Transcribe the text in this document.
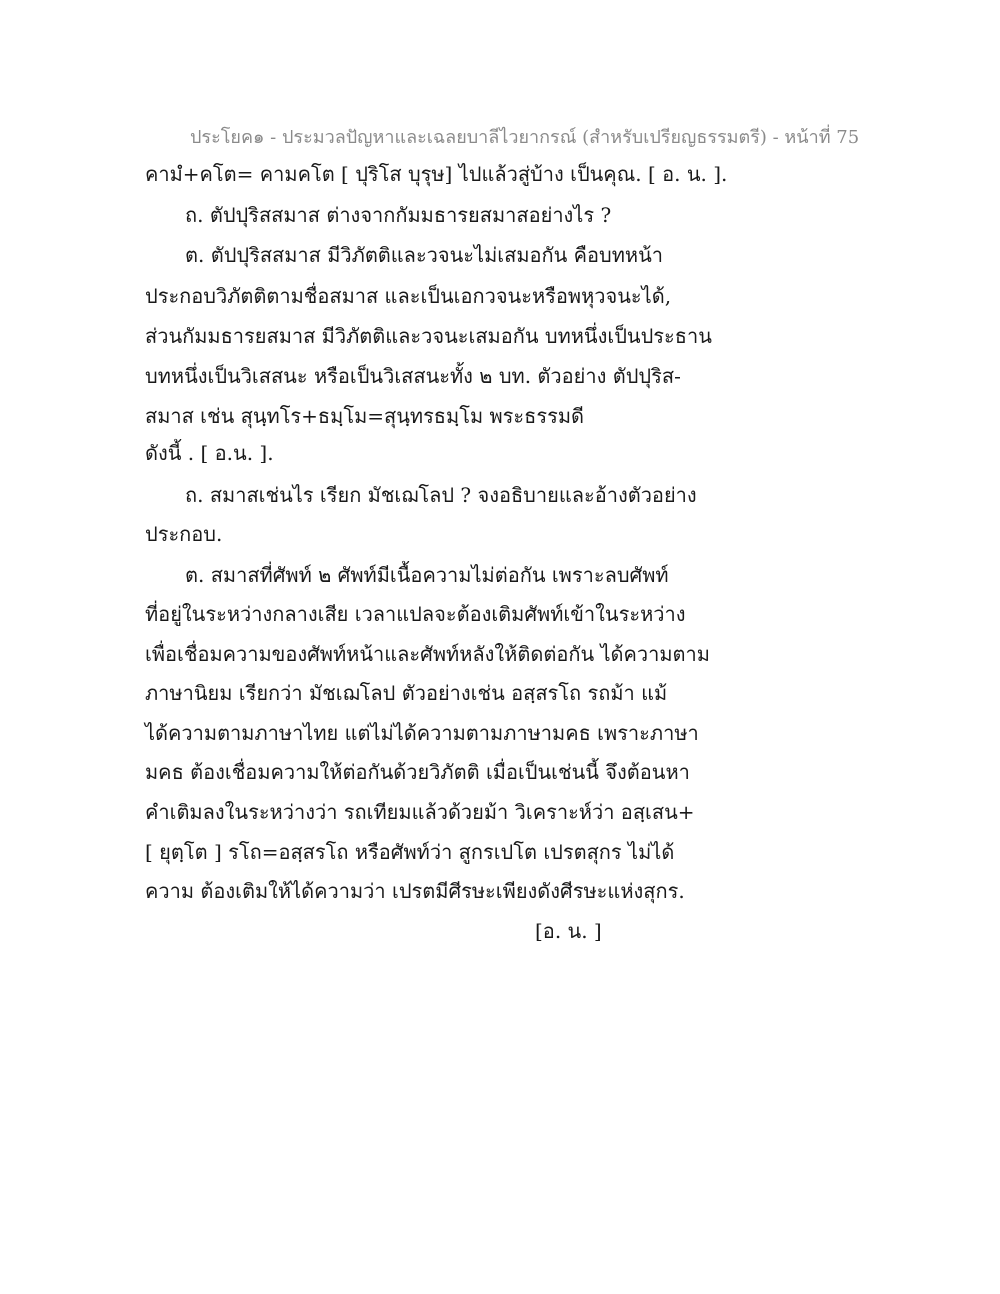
ประโยค๑ - ประมวลปัญหาและเฉลยบาลีไวยากรณ์ (สำหรับเปรียญธรรมตรี) - หน้าที่ 75
คามํ+คโต= คามคโต [ ปุริโส บุรุษ] ไปแล้วสู่บ้าง เป็นคุณ. [ อ. น. ].
ถ. ตัปปุริสสมาส ต่างจากกัมมธารยสมาสอย่างไร ?
ต. ตัปปุริสสมาส มีวิภัตติและวจนะไม่เสมอกัน คือบทหน้า
ประกอบวิภัตติตามชื่อสมาส และเป็นเอกวจนะหรือพหุวจนะได้,
ส่วนกัมมธารยสมาส มีวิภัตติและวจนะเสมอกัน บทหนึ่งเป็นประธาน
บทหนึ่งเป็นวิเสสนะ หรือเป็นวิเสสนะทั้ง ๒ บท. ตัวอย่าง ตัปปุริส-
สมาส เช่น สุนฺทโร+ธมฺโม=สุนฺทรธมฺโม พระธรรมดี
ดังนี้ . [ อ.น. ].
ถ. สมาสเช่นไร เรียก มัชเฌโลป ? จงอธิบายและอ้างตัวอย่าง
ประกอบ.
ต. สมาสที่ศัพท์ ๒ ศัพท์มีเนื้อความไม่ต่อกัน เพราะลบศัพท์
ที่อยู่ในระหว่างกลางเสีย เวลาแปลจะต้องเติมศัพท์เข้าในระหว่าง
เพื่อเชื่อมความของศัพท์หน้าและศัพท์หลังให้ติดต่อกัน ได้ความตาม
ภาษานิยม เรียกว่า มัชเฌโลป ตัวอย่างเช่น อสฺสรโถ รถม้า แม้
ได้ความตามภาษาไทย แต่ไม่ได้ความตามภาษามคธ เพราะภาษา
มคธ ต้องเชื่อมความให้ต่อกันด้วยวิภัตติ เมื่อเป็นเช่นนี้ จึงต้อนหา
คำเติมลงในระหว่างว่า รถเทียมแล้วด้วยม้า วิเคราะห์ว่า อสฺเสน+
[ ยุตฺโต ] รโถ=อสฺสรโถ หรือศัพท์ว่า สูกรเปโต เปรตสุกร ไม่ได้
ความ ต้องเติมให้ได้ความว่า เปรตมีศีรษะเพียงดังศีรษะแห่งสุกร.
[อ. น. ]
